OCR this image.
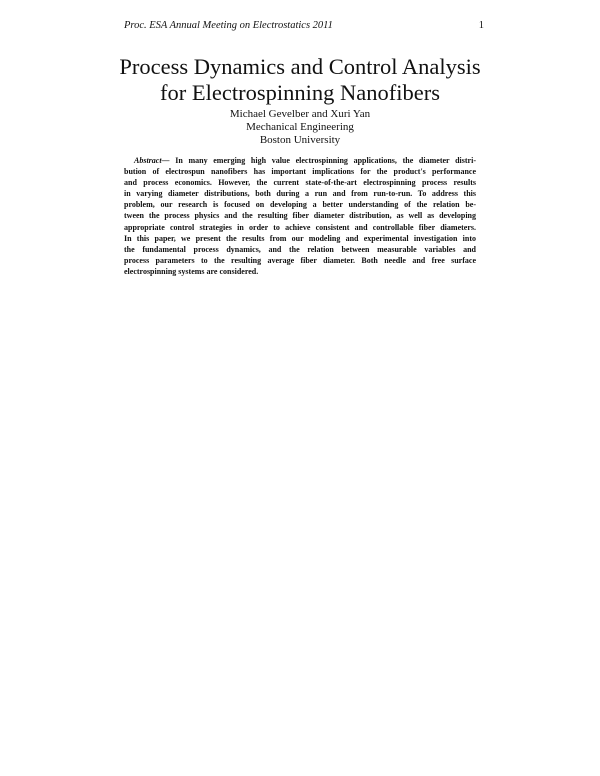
Proc. ESA Annual Meeting on Electrostatics 2011	1
Process Dynamics and Control Analysis
for Electrospinning Nanofibers
Michael Gevelber and Xuri Yan
Mechanical Engineering
Boston University
Abstract— In many emerging high value electrospinning applications, the diameter distri-
bution of electrospun nanofibers has important implications for the product's performance
and process economics. However, the current state-of-the-art electrospinning process results
in varying diameter distributions, both during a run and from run-to-run. To address this
problem, our research is focused on developing a better understanding of the relation be-
tween the process physics and the resulting fiber diameter distribution, as well as developing
appropriate control strategies in order to achieve consistent and controllable fiber diameters.
In this paper, we present the results from our modeling and experimental investigation into
the fundamental process dynamics, and the relation between measurable variables and
process parameters to the resulting average fiber diameter. Both needle and free surface
electrospinning systems are considered.
